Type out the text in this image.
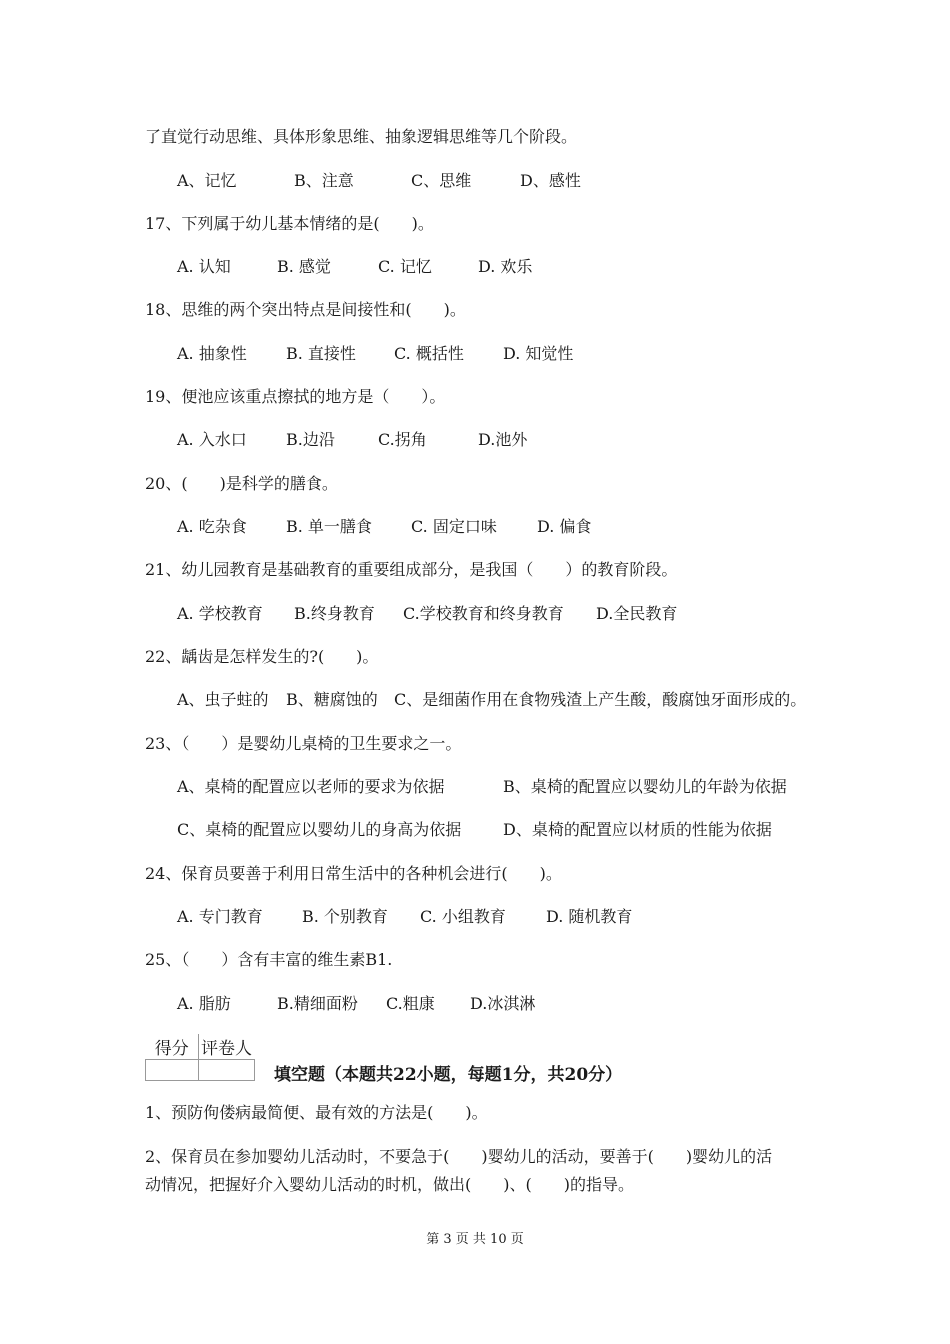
了直觉行动思维、具体形象思维、抽象逻辑思维等几个阶段。
A、记忆	B、注意	C、思维	D、感性
17、下列属于幼儿基本情绪的是(　　)。
A. 认知	B. 感觉	C. 记忆	D. 欢乐
18、思维的两个突出特点是间接性和(　　)。
A. 抽象性 B. 直接性 C. 概括性 D. 知觉性
19、便池应该重点擦拭的地方是（　　）。
A. 入水口 B.边沿	C.拐角	D.池外
20、(　　)是科学的膳食。
A. 吃杂食 B. 单一膳食 C. 固定口味	D. 偏食
21、幼儿园教育是基础教育的重要组成部分，是我国（　　）的教育阶段。
A. 学校教育 B.终身教育 C.学校教育和终身教育 D.全民教育
22、龋齿是怎样发生的?(　　)。
A、虫子蛀的 B、糖腐蚀的 C、是细菌作用在食物残渣上产生酸，酸腐蚀牙面形成的。
23、（　　）是婴幼儿桌椅的卫生要求之一。
A、桌椅的配置应以老师的要求为依据	B、桌椅的配置应以婴幼儿的年龄为依据
C、桌椅的配置应以婴幼儿的身高为依据	D、桌椅的配置应以材质的性能为依据
24、保育员要善于利用日常生活中的各种机会进行(　　)。
A. 专门教育 B. 个别教育 C. 小组教育	D. 随机教育
25、（　　）含有丰富的维生素B1.
A. 脂肪	B.精细面粉 C.粗康 D.冰淇淋
得分	评卷人

填空题（本题共22小题，每题1分，共20分）
1、预防佝偻病最简便、最有效的方法是(　　)。
2、保育员在参加婴幼儿活动时，不要急于(　　)婴幼儿的活动，要善于(　　)婴幼儿的活
动情况，把握好介入婴幼儿活动的时机，做出(　　)、(　　)的指导。
第 3 页 共 10 页
